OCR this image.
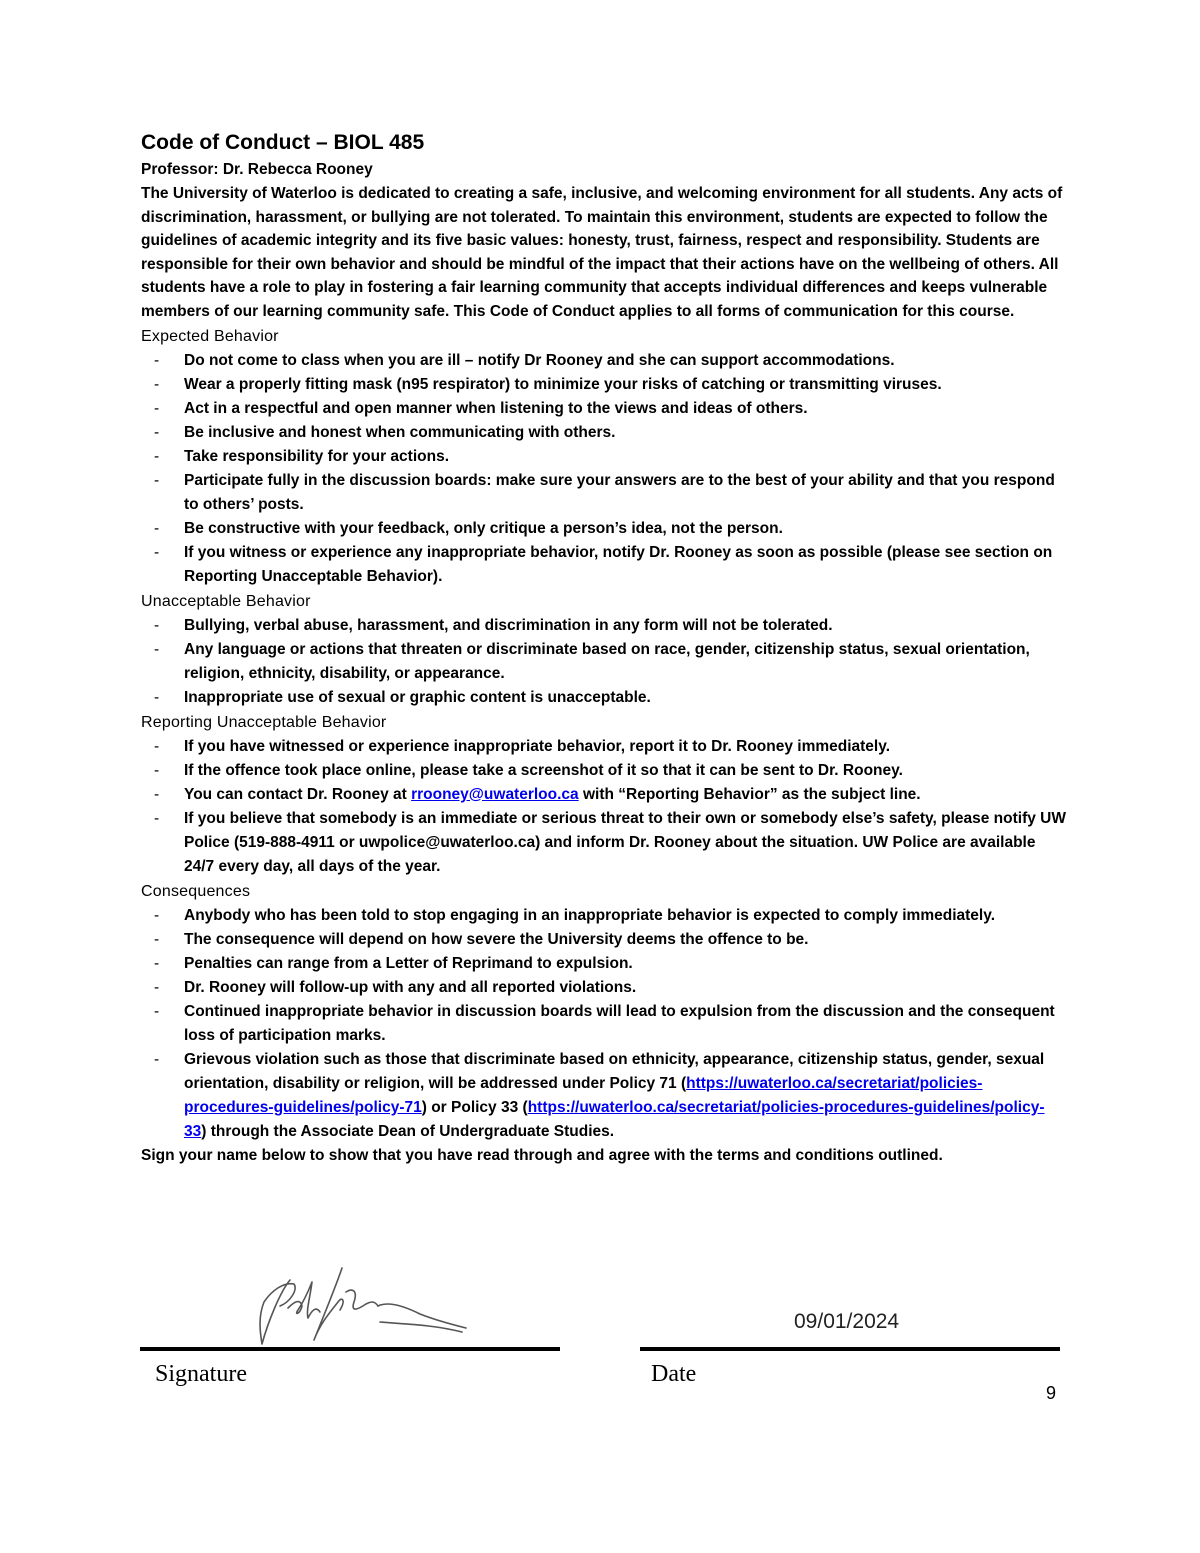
Code of Conduct – BIOL 485

Professor: Dr. Rebecca Rooney

The University of Waterloo is dedicated to creating a safe, inclusive, and welcoming environment for all students. Any acts of discrimination, harassment, or bullying are not tolerated. To maintain this environment, students are expected to follow the guidelines of academic integrity and its five basic values: honesty, trust, fairness, respect and responsibility. Students are responsible for their own behavior and should be mindful of the impact that their actions have on the wellbeing of others. All students have a role to play in fostering a fair learning community that accepts individual differences and keeps vulnerable members of our learning community safe. This Code of Conduct applies to all forms of communication for this course.

Expected Behavior
- Do not come to class when you are ill – notify Dr Rooney and she can support accommodations.
- Wear a properly fitting mask (n95 respirator) to minimize your risks of catching or transmitting viruses.
- Act in a respectful and open manner when listening to the views and ideas of others.
- Be inclusive and honest when communicating with others.
- Take responsibility for your actions.
- Participate fully in the discussion boards: make sure your answers are to the best of your ability and that you respond to others’ posts.
- Be constructive with your feedback, only critique a person’s idea, not the person.
- If you witness or experience any inappropriate behavior, notify Dr. Rooney as soon as possible (please see section on Reporting Unacceptable Behavior).
Unacceptable Behavior
- Bullying, verbal abuse, harassment, and discrimination in any form will not be tolerated.
- Any language or actions that threaten or discriminate based on race, gender, citizenship status, sexual orientation, religion, ethnicity, disability, or appearance.
- Inappropriate use of sexual or graphic content is unacceptable.
Reporting Unacceptable Behavior
- If you have witnessed or experience inappropriate behavior, report it to Dr. Rooney immediately.
- If the offence took place online, please take a screenshot of it so that it can be sent to Dr. Rooney.
- You can contact Dr. Rooney at rrooney@uwaterloo.ca with “Reporting Behavior” as the subject line.
- If you believe that somebody is an immediate or serious threat to their own or somebody else’s safety, please notify UW Police (519-888-4911 or uwpolice@uwaterloo.ca) and inform Dr. Rooney about the situation. UW Police are available 24/7 every day, all days of the year.
Consequences
- Anybody who has been told to stop engaging in an inappropriate behavior is expected to comply immediately.
- The consequence will depend on how severe the University deems the offence to be.
- Penalties can range from a Letter of Reprimand to expulsion.
- Dr. Rooney will follow-up with any and all reported violations.
- Continued inappropriate behavior in discussion boards will lead to expulsion from the discussion and the consequent loss of participation marks.
- Grievous violation such as those that discriminate based on ethnicity, appearance, citizenship status, gender, sexual orientation, disability or religion, will be addressed under Policy 71 (https://uwaterloo.ca/secretariat/policies-procedures-guidelines/policy-71) or Policy 33 (https://uwaterloo.ca/secretariat/policies-procedures-guidelines/policy-33) through the Associate Dean of Undergraduate Studies.

Sign your name below to show that you have read through and agree with the terms and conditions outlined.

09/01/2024
Signature	Date
9
